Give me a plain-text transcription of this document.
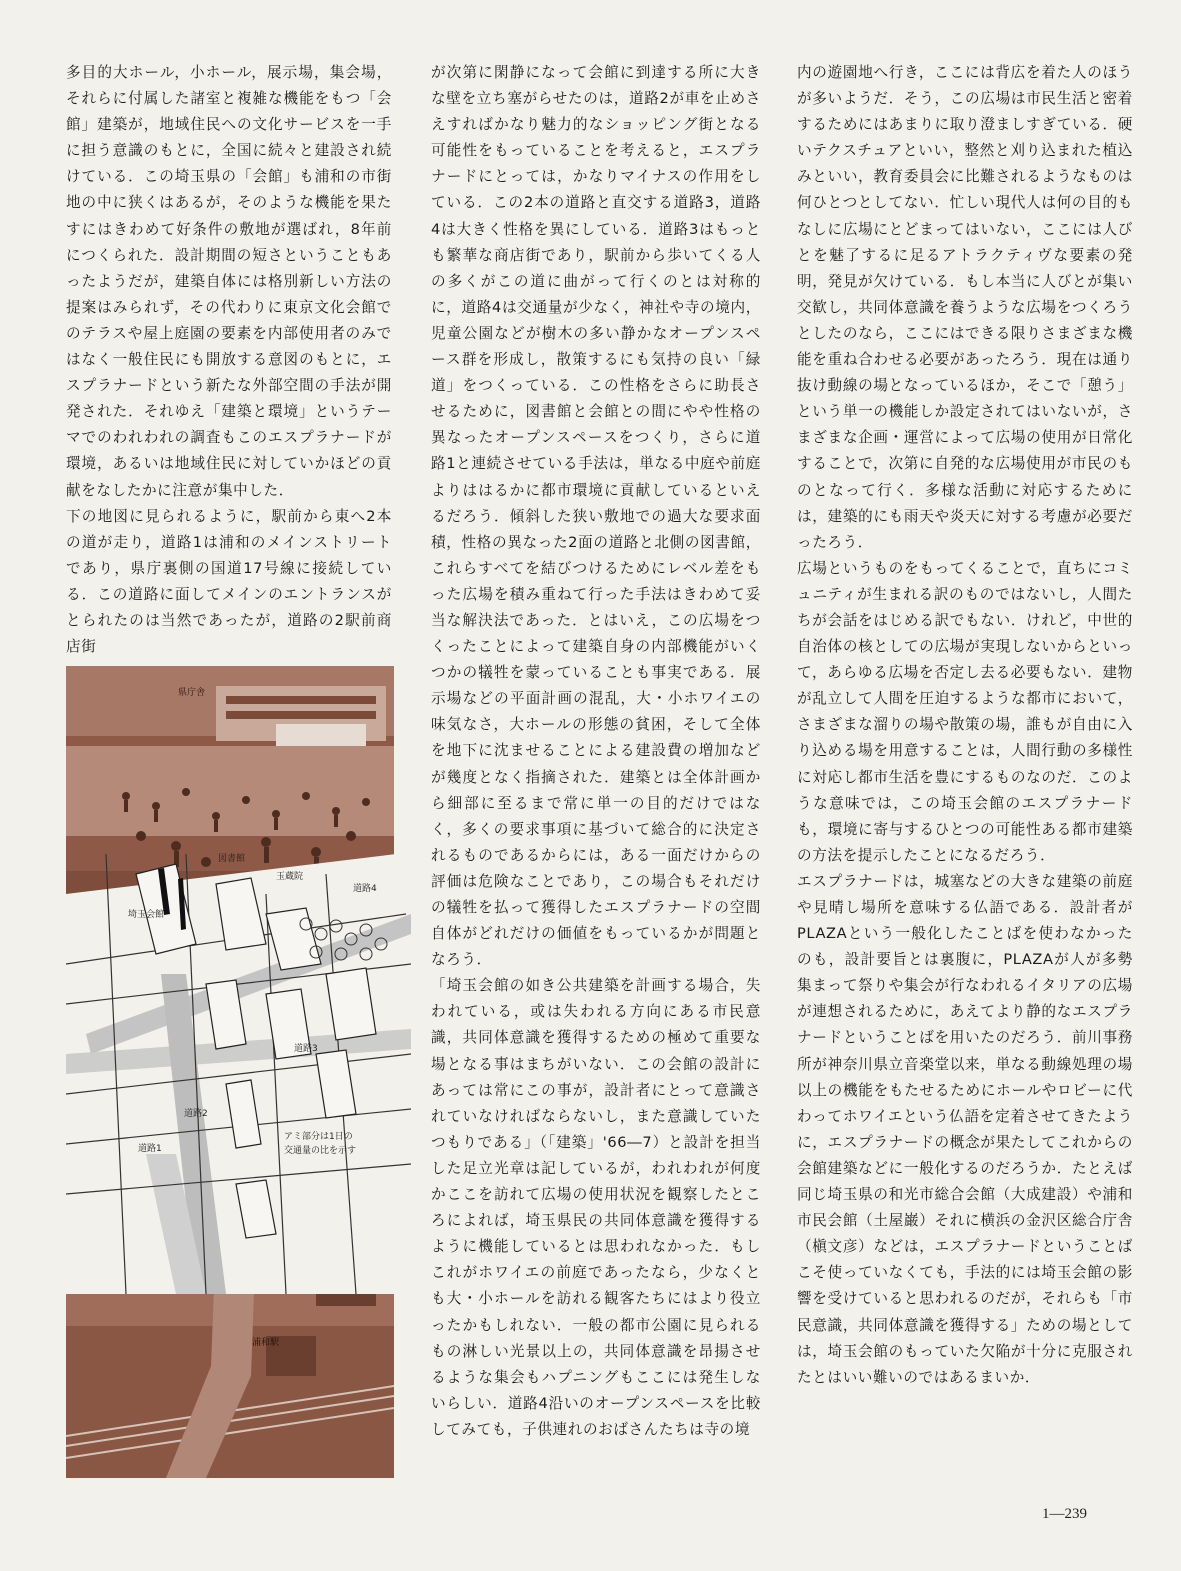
多目的大ホール，小ホール，展示場，集会場，それらに付属した諸室と複雑な機能をもつ「会館」建築が，地域住民への文化サービスを一手に担う意識のもとに，全国に続々と建設され続けている．この埼玉県の「会館」も浦和の市街地の中に狭くはあるが，そのような機能を果たすにはきわめて好条件の敷地が選ばれ，8年前につくられた．設計期間の短さということもあったようだが，建築自体には格別新しい方法の提案はみられず，その代わりに東京文化会館でのテラスや屋上庭園の要素を内部使用者のみではなく一般住民にも開放する意図のもとに，エスプラナードという新たな外部空間の手法が開発された．それゆえ「建築と環境」というテーマでのわれわれの調査もこのエスプラナードが環境，あるいは地域住民に対していかほどの貢献をなしたかに注意が集中した．

下の地図に見られるように，駅前から東へ2本の道が走り，道路1は浦和のメインストリートであり，県庁裏側の国道17号線に接続している．この道路に面してメインのエントランスがとられたのは当然であったが，道路の2駅前商店街

が次第に閑静になって会館に到達する所に大きな壁を立ち塞がらせたのは，道路2が車を止めさえすればかなり魅力的なショッピング街となる可能性をもっていることを考えると，エスプラナードにとっては，かなりマイナスの作用をしている．この2本の道路と直交する道路3，道路4は大きく性格を異にしている．道路3はもっとも繁華な商店街であり，駅前から歩いてくる人の多くがこの道に曲がって行くのとは対称的に，道路4は交通量が少なく，神社や寺の境内，児童公園などが樹木の多い静かなオープンスペース群を形成し，散策するにも気持の良い「緑道」をつくっている．この性格をさらに助長させるために，図書館と会館との間にやや性格の異なったオープンスペースをつくり，さらに道路1と連続させている手法は，単なる中庭や前庭よりははるかに都市環境に貢献しているといえるだろう．傾斜した狭い敷地での過大な要求面積，性格の異なった2面の道路と北側の図書館，これらすべてを結びつけるためにレベル差をもった広場を積み重ねて行った手法はきわめて妥当な解決法であった．とはいえ，この広場をつくったことによって建築自身の内部機能がいくつかの犠牲を蒙っていることも事実である．展示場などの平面計画の混乱，大・小ホワイエの味気なさ，大ホールの形態の貧困，そして全体を地下に沈ませることによる建設費の増加などが幾度となく指摘された．建築とは全体計画から細部に至るまで常に単一の目的だけではなく，多くの要求事項に基づいて総合的に決定されるものであるからには，ある一面だけからの評価は危険なことであり，この場合もそれだけの犠牲を払って獲得したエスプラナードの空間自体がどれだけの価値をもっているかが問題となろう．

「埼玉会館の如き公共建築を計画する場合，失われている，或は失われる方向にある市民意識，共同体意識を獲得するための極めて重要な場となる事はまちがいない．この会館の設計にあっては常にこの事が，設計者にとって意識されていなければならないし，また意識していたつもりである」（「建築」'66―7）と設計を担当した足立光章は記しているが，われわれが何度かここを訪れて広場の使用状況を観察したところによれば，埼玉県民の共同体意識を獲得するように機能しているとは思われなかった．もしこれがホワイエの前庭であったなら，少なくとも大・小ホールを訪れる観客たちにはより役立ったかもしれない．一般の都市公園に見られるもの淋しい光景以上の，共同体意識を昂揚させるような集会もハプニングもここには発生しないらしい．道路4沿いのオープンスペースを比較してみても，子供連れのおばさんたちは寺の境

内の遊園地へ行き，ここには背広を着た人のほうが多いようだ．そう，この広場は市民生活と密着するためにはあまりに取り澄ましすぎている．硬いテクスチュアといい，整然と刈り込まれた植込みといい，教育委員会に比難されるようなものは何ひとつとしてない．忙しい現代人は何の目的もなしに広場にとどまってはいない，ここには人びとを魅了するに足るアトラクティヴな要素の発明，発見が欠けている．もし本当に人びとが集い交歓し，共同体意識を養うような広場をつくろうとしたのなら，ここにはできる限りさまざまな機能を重ね合わせる必要があったろう．現在は通り抜け動線の場となっているほか，そこで「憩う」という単一の機能しか設定されてはいないが，さまざまな企画・運営によって広場の使用が日常化することで，次第に自発的な広場使用が市民のものとなって行く．多様な活動に対応するためには，建築的にも雨天や炎天に対する考慮が必要だったろう．

広場というものをもってくることで，直ちにコミュニティが生まれる訳のものではないし，人間たちが会話をはじめる訳でもない．けれど，中世的自治体の核としての広場が実現しないからといって，あらゆる広場を否定し去る必要もない．建物が乱立して人間を圧迫するような都市において，さまざまな溜りの場や散策の場，誰もが自由に入り込める場を用意することは，人間行動の多様性に対応し都市生活を豊にするものなのだ．このような意味では，この埼玉会館のエスプラナードも，環境に寄与するひとつの可能性ある都市建築の方法を提示したことになるだろう．

エスプラナードは，城塞などの大きな建築の前庭や見晴し場所を意味する仏語である．設計者がPLAZAという一般化したことばを使わなかったのも，設計要旨とは裏腹に，PLAZAが人が多勢集まって祭りや集会が行なわれるイタリアの広場が連想されるために，あえてより静的なエスプラナードということばを用いたのだろう．前川事務所が神奈川県立音楽堂以来，単なる動線処理の場以上の機能をもたせるためにホールやロビーに代わってホワイエという仏語を定着させてきたように，エスプラナードの概念が果たしてこれからの会館建築などに一般化するのだろうか．たとえば同じ埼玉県の和光市総合会館（大成建設）や浦和市民会館（土屋巌）それに横浜の金沢区総合庁舎（槇文彦）などは，エスプラナードということばこそ使っていなくても，手法的には埼玉会館の影響を受けていると思われるのだが，それらも「市民意識，共同体意識を獲得する」ための場としては，埼玉会館のもっていた欠陥が十分に克服されたとはいい難いのではあるまいか．

図書館
玉蔵院
道路4
埼玉会館
道路3
道路2
道路1
アミ部分は1日の
交通量の比を示す
県庁舎
浦和駅
1―239
